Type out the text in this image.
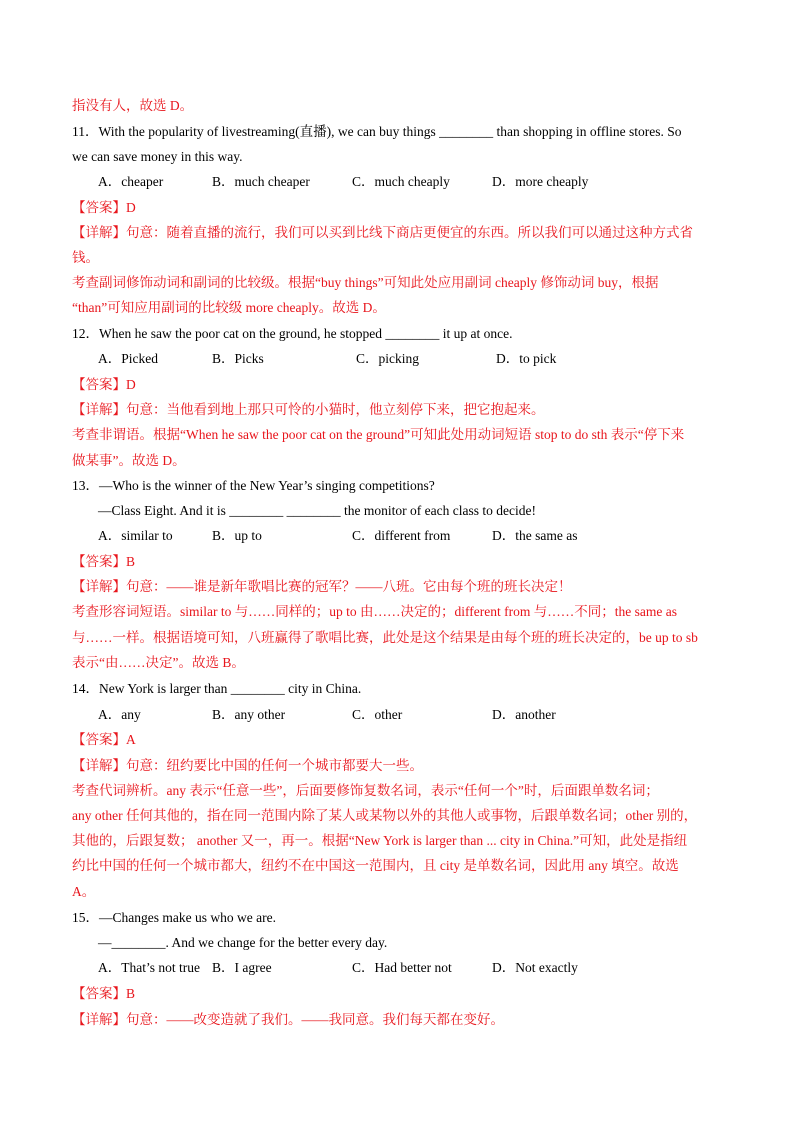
指没有人，故选 D。
11．With the popularity of livestreaming(直播), we can buy things ________ than shopping in offline stores. So
we can save money in this way.
A．cheaper	B．much cheaper	C．much cheaply	D．more cheaply
【答案】D
【详解】句意：随着直播的流行，我们可以买到比线下商店更便宜的东西。所以我们可以通过这种方式省
钱。
考查副词修饰动词和副词的比较级。根据“buy things”可知此处应用副词 cheaply 修饰动词 buy，根据
“than”可知应用副词的比较级 more cheaply。故选 D。
12．When he saw the poor cat on the ground, he stopped ________ it up at once.
A．Picked	B．Picks	C．picking	D．to pick
【答案】D
【详解】句意：当他看到地上那只可怜的小猫时，他立刻停下来，把它抱起来。
考查非谓语。根据“When he saw the poor cat on the ground”可知此处用动词短语 stop to do sth 表示“停下来
做某事”。故选 D。
13．—Who is the winner of the New Year’s singing competitions?
—Class Eight. And it is ________ ________ the monitor of each class to decide!
A．similar to	B．up to	C．different from	D．the same as
【答案】B
【详解】句意：——谁是新年歌唱比赛的冠军？——八班。它由每个班的班长决定！
考查形容词短语。similar to 与……同样的；up to 由……决定的；different from 与……不同；the same as
与……一样。根据语境可知，八班赢得了歌唱比赛，此处是这个结果是由每个班的班长决定的，be up to sb
表示“由……决定”。故选 B。
14．New York is larger than ________ city in China.
A．any	B．any other	C．other	D．another
【答案】A
【详解】句意：纽约要比中国的任何一个城市都要大一些。
考查代词辨析。any 表示“任意一些”，后面要修饰复数名词，表示“任何一个”时，后面跟单数名词；
any other 任何其他的，指在同一范围内除了某人或某物以外的其他人或事物，后跟单数名词；other 别的，
其他的，后跟复数； another 又一，再一。根据“New York is larger than ... city in China.”可知，此处是指纽
约比中国的任何一个城市都大，纽约不在中国这一范围内，且 city 是单数名词，因此用 any 填空。故选
A。
15．—Changes make us who we are.
—________. And we change for the better every day.
A．That’s not true B．I agree	C．Had better not	D．Not exactly
【答案】B
【详解】句意：——改变造就了我们。——我同意。我们每天都在变好。
